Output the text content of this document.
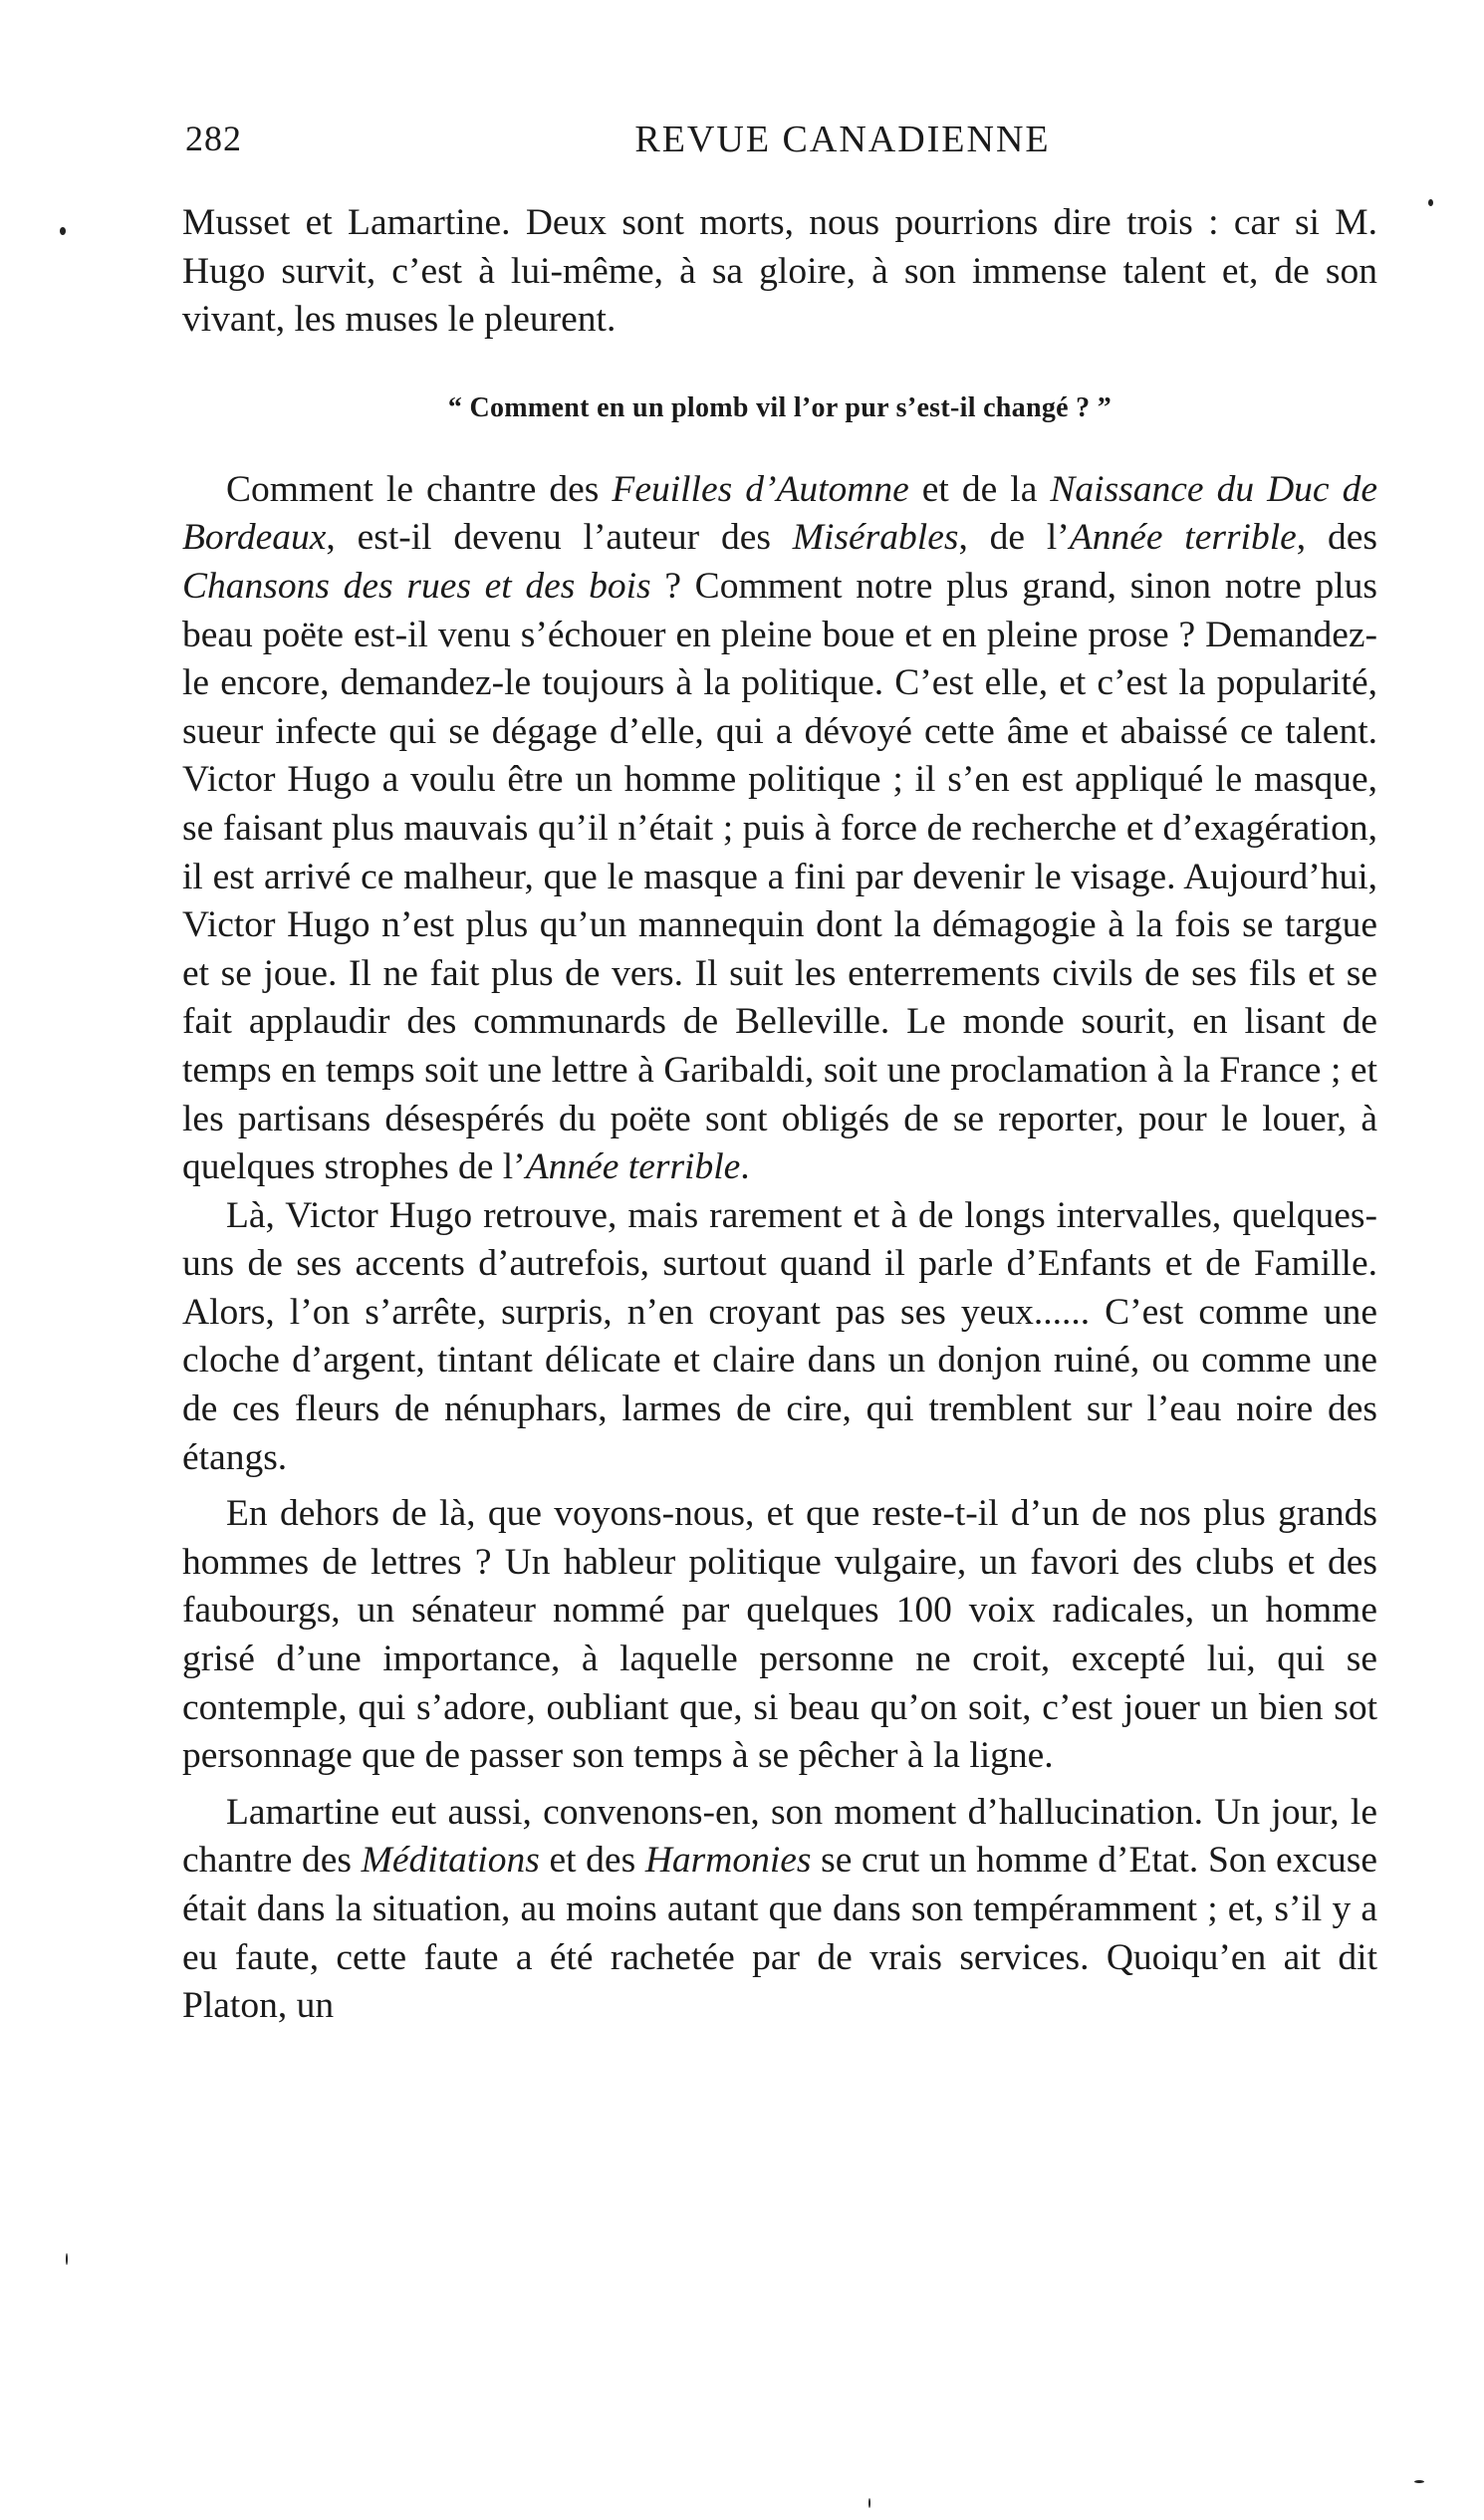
282	REVUE CANADIENNE

Musset et Lamartine. Deux sont morts, nous pourrions dire trois : car si M. Hugo survit, c’est à lui-même, à sa gloire, à son immense talent et, de son vivant, les muses le pleurent.

“ Comment en un plomb vil l’or pur s’est-il changé ? ”

Comment le chantre des Feuilles d’Automne et de la Naissance du Duc de Bordeaux, est-il devenu l’auteur des Misérables, de l’Année terrible, des Chansons des rues et des bois ? Comment notre plus grand, sinon notre plus beau poëte est-il venu s’échouer en pleine boue et en pleine prose ? Demandez-le encore, demandez-le toujours à la politique. C’est elle, et c’est la popularité, sueur infecte qui se dégage d’elle, qui a dévoyé cette âme et abaissé ce talent. Victor Hugo a voulu être un homme politique ; il s’en est appliqué le masque, se faisant plus mauvais qu’il n’était ; puis à force de recherche et d’exagération, il est arrivé ce malheur, que le masque a fini par devenir le visage. Aujourd’hui, Victor Hugo n’est plus qu’un mannequin dont la démagogie à la fois se targue et se joue. Il ne fait plus de vers. Il suit les enterrements civils de ses fils et se fait applaudir des communards de Belleville. Le monde sourit, en lisant de temps en temps soit une lettre à Garibaldi, soit une proclamation à la France ; et les partisans désespérés du poëte sont obligés de se reporter, pour le louer, à quelques strophes de l’Année terrible.

Là, Victor Hugo retrouve, mais rarement et à de longs intervalles, quelques-uns de ses accents d’autrefois, surtout quand il parle d’Enfants et de Famille. Alors, l’on s’arrête, surpris, n’en croyant pas ses yeux...... C’est comme une cloche d’argent, tintant délicate et claire dans un donjon ruiné, ou comme une de ces fleurs de nénuphars, larmes de cire, qui tremblent sur l’eau noire des étangs.

En dehors de là, que voyons-nous, et que reste-t-il d’un de nos plus grands hommes de lettres ? Un hableur politique vulgaire, un favori des clubs et des faubourgs, un sénateur nommé par quelques 100 voix radicales, un homme grisé d’une importance, à laquelle personne ne croit, excepté lui, qui se contemple, qui s’adore, oubliant que, si beau qu’on soit, c’est jouer un bien sot personnage que de passer son temps à se pêcher à la ligne.

Lamartine eut aussi, convenons-en, son moment d’hallucination. Un jour, le chantre des Méditations et des Harmonies se crut un homme d’Etat. Son excuse était dans la situation, au moins autant que dans son tempéramment ; et, s’il y a eu faute, cette faute a été rachetée par de vrais services. Quoiqu’en ait dit Platon, un
